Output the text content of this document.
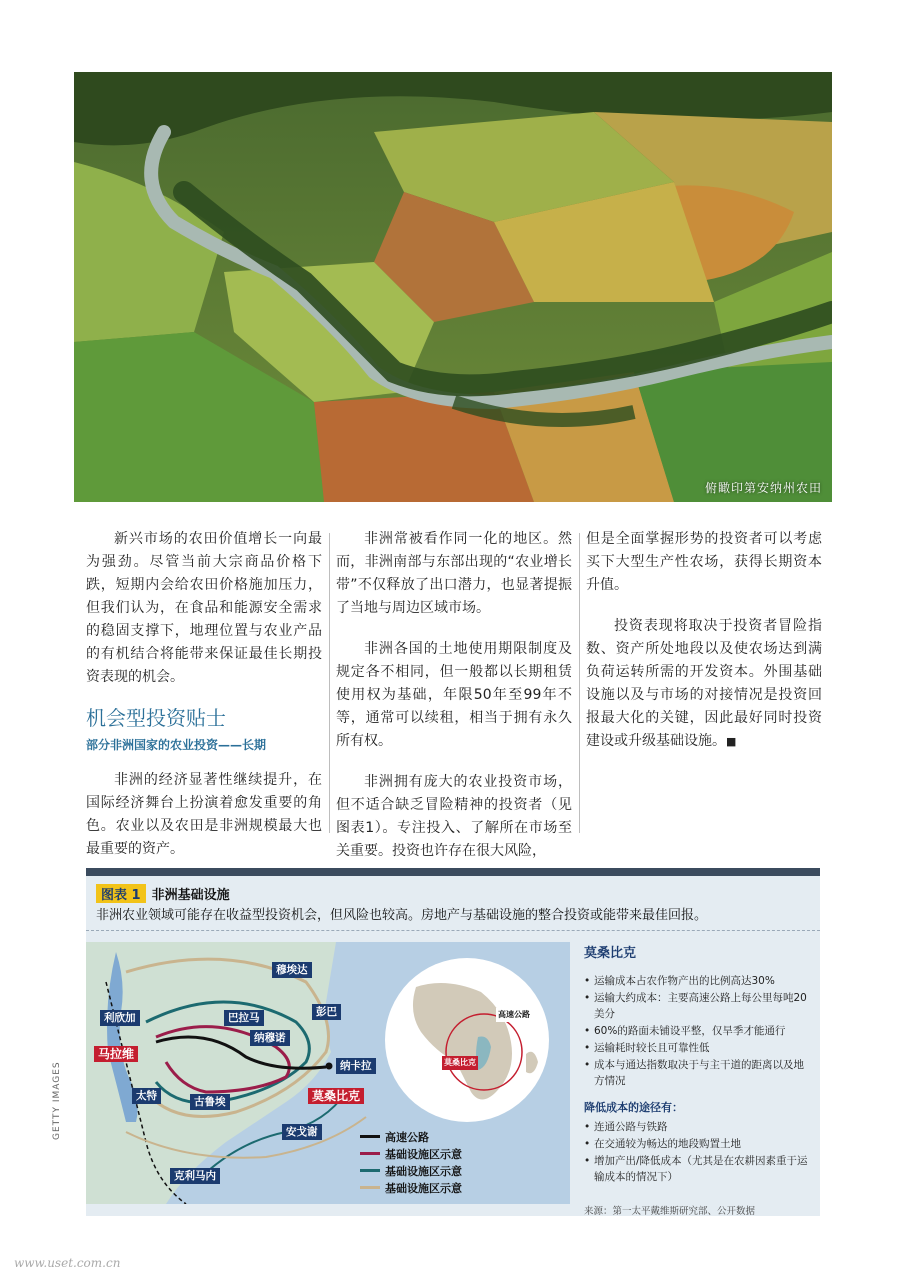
俯瞰印第安纳州农田

新兴市场的农田价值增长一向最为强劲。尽管当前大宗商品价格下跌，短期内会给农田价格施加压力，但我们认为，在食品和能源安全需求的稳固支撑下，地理位置与农业产品的有机结合将能带来保证最佳长期投资表现的机会。

机会型投资贴士
部分非洲国家的农业投资——长期

非洲的经济显著性继续提升，在国际经济舞台上扮演着愈发重要的角色。农业以及农田是非洲规模最大也最重要的资产。

非洲常被看作同一化的地区。然而，非洲南部与东部出现的“农业增长带”不仅释放了出口潜力，也显著提振了当地与周边区域市场。

非洲各国的土地使用期限制度及规定各不相同，但一般都以长期租赁使用权为基础，年限50年至99年不等，通常可以续租，相当于拥有永久所有权。

非洲拥有庞大的农业投资市场，但不适合缺乏冒险精神的投资者（见图表1）。专注投入、了解所在市场至关重要。投资也许存在很大风险，

但是全面掌握形势的投资者可以考虑买下大型生产性农场，获得长期资本升值。

投资表现将取决于投资者冒险指数、资产所处地段以及使农场达到满负荷运转所需的开发资本。外围基础设施以及与市场的对接情况是投资回报最大化的关键，因此最好同时投资建设或升级基础设施。■

图表 1 非洲基础设施
非洲农业领域可能存在收益型投资机会，但风险也较高。房地产与基础设施的整合投资或能带来最佳回报。
穆埃达
利欣加	巴拉马	彭巴
纳穆诺
马拉维
纳卡拉
太特	古鲁埃	莫桑比克
安戈谢
克利马内
高速公路
莫桑比克
高速公路
基础设施区示意
基础设施区示意
基础设施区示意
莫桑比克
• 运输成本占农作物产出的比例高达30%
• 运输大约成本：主要高速公路上每公里每吨20美分
• 60%的路面未铺设平整，仅旱季才能通行
• 运输耗时较长且可靠性低
• 成本与通达指数取决于与主干道的距离以及地方情况
降低成本的途径有：
• 连通公路与铁路
• 在交通较为畅达的地段购置土地
• 增加产出/降低成本（尤其是在农耕因素重于运输成本的情况下）
来源：第一太平戴维斯研究部、公开数据
GETTY IMAGES
www.uset.com.cn
